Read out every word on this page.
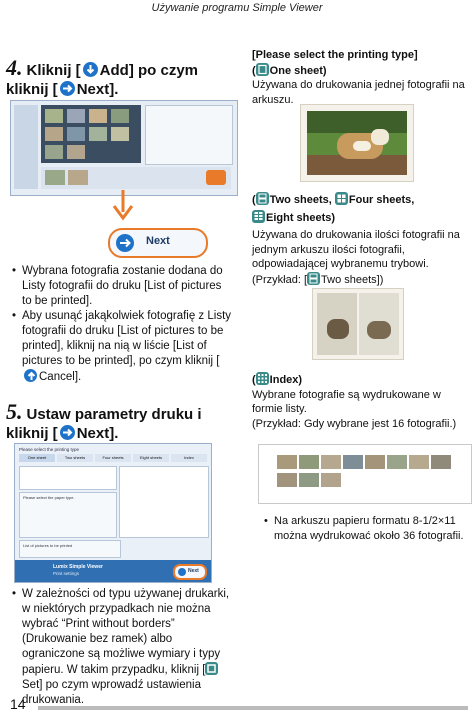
Używanie programu Simple Viewer
4. Kliknij [ Add] po czym kliknij [ Next].
Next
• Wybrana fotografia zostanie dodana do Listy fotografii do druku [List of pictures to be printed].
• Aby usunąć jakąkolwiek fotografię z Listy fotografii do druku [List of pictures to be printed], kliknij na nią w liście [List of pictures to be printed], po czym kliknij [
Cancel].
5. Ustaw parametry druku i kliknij [ Next].
Please select the printing type
One sheet	Two sheets	Four sheets	Eight sheets	Index
Please select the paper type.
List of pictures to be printed
Lumix Simple Viewer
Print settings	Next
• W zależności od typu używanej drukarki, w niektórych przypadkach nie można wybrać “Print without borders” (Drukowanie bez ramek) albo ograniczone są możliwe wymiary i typy papieru. W takim przypadku, kliknij [
Set] po czym wprowadź ustawienia drukowania.
[Please select the printing type]
( One sheet)
Używana do drukowania jednej fotografii na arkuszu.
( Two sheets, Four sheets,
Eight sheets)
Używana do drukowania ilości fotografii na jednym arkuszu ilości fotografii, odpowiadającej wybranemu trybowi.
(Przykład: [ Two sheets])
( Index)
Wybrane fotografie są wydrukowane w formie listy.
(Przykład: Gdy wybrane jest 16 fotografii.)
• Na arkuszu papieru formatu 8-1/2×11 można wydrukować około 36 fotografii.
14
